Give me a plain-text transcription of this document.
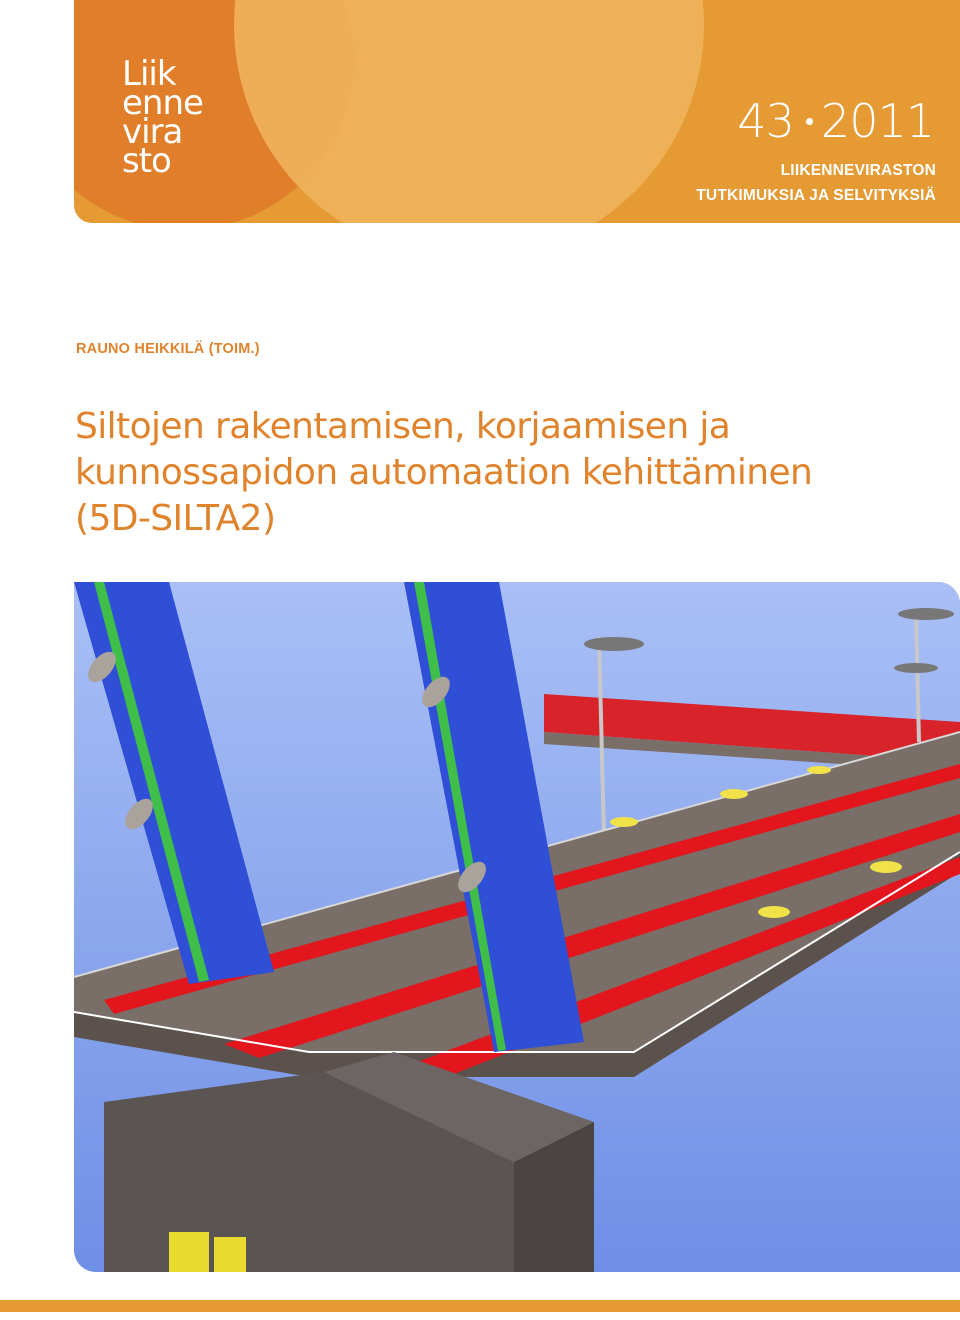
Liik
enne
vira
sto
43 2011
LIIKENNEVIRASTON
TUTKIMUKSIA JA SELVITYKSIÄ
RAUNO HEIKKILÄ (TOIM.)
Siltojen rakentamisen, korjaamisen ja
kunnossapidon automaation kehittäminen
(5D-SILTA2)
